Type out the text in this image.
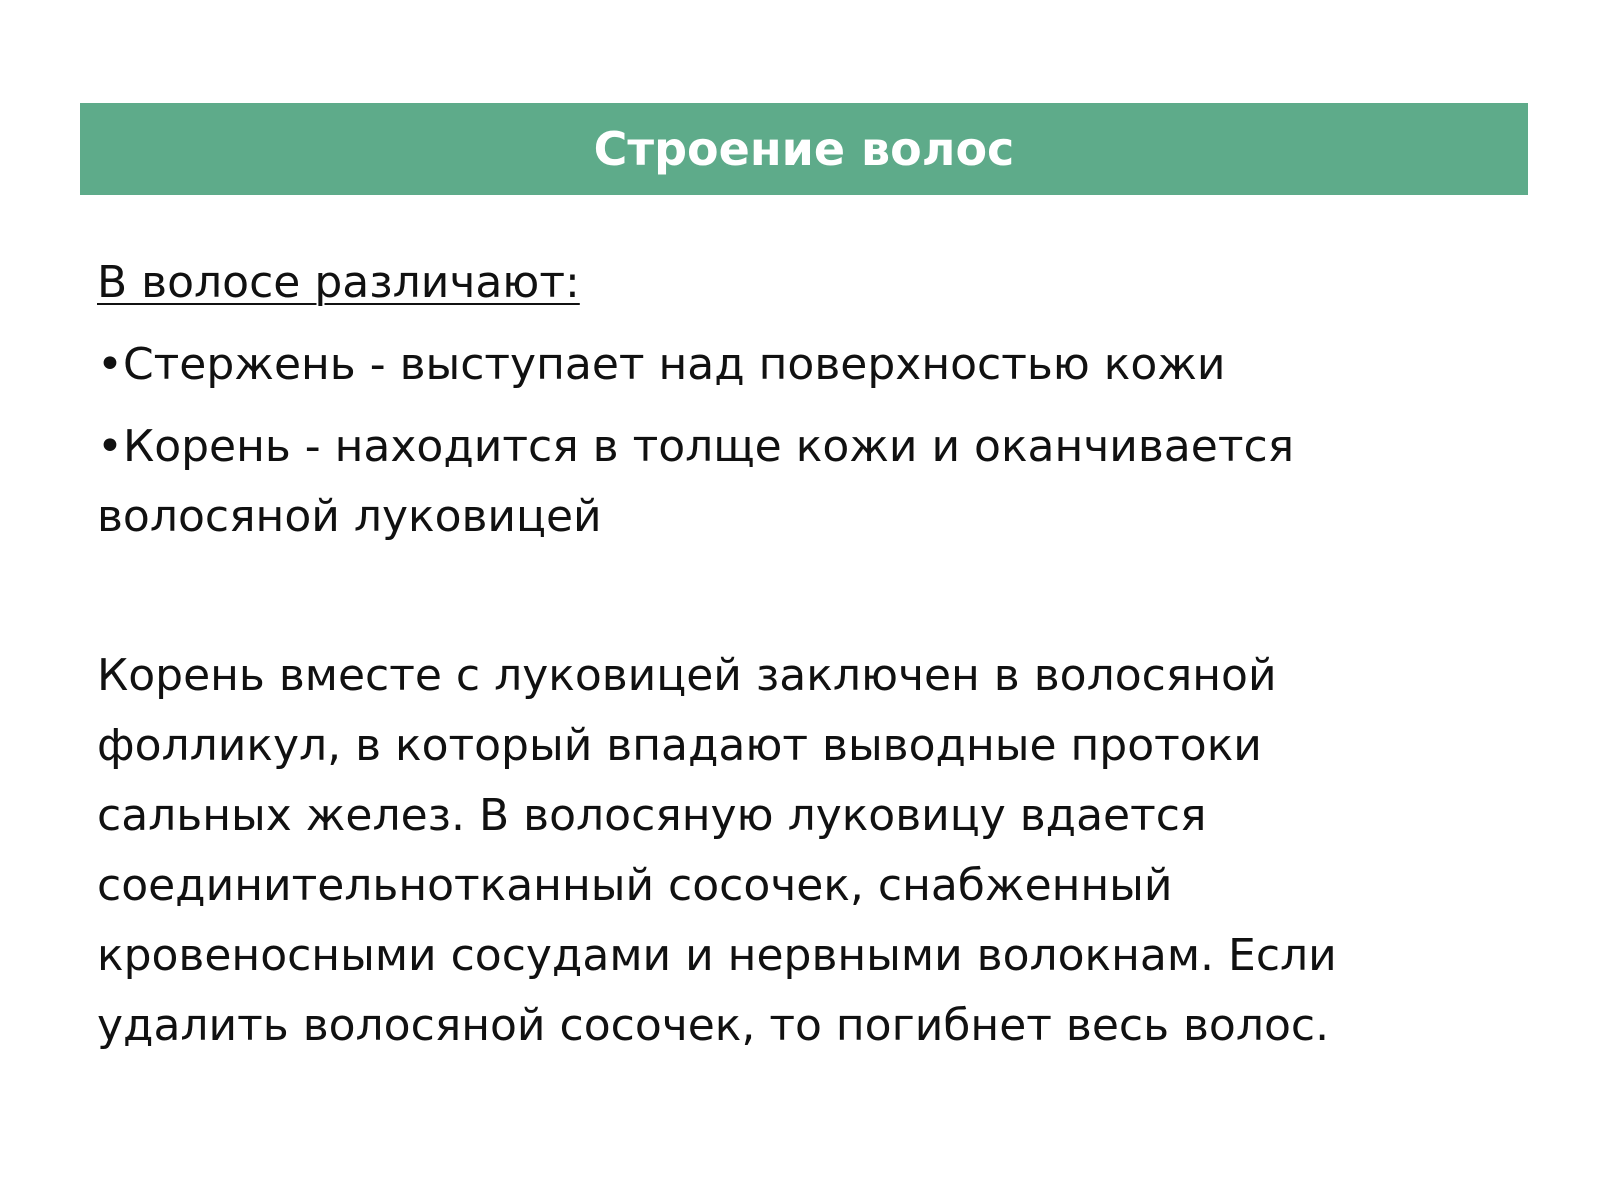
Строение волос

В волосе различают:

•Стержень - выступает над поверхностью кожи

•Корень - находится в толще кожи и оканчивается

волосяной луковицей

Корень вместе с луковицей заключен в волосяной

фолликул, в который впадают выводные протоки

сальных желез. В волосяную луковицу вдается

соединительнотканный сосочек, снабженный

кровеносными сосудами и нервными волокнам. Если

удалить волосяной сосочек, то погибнет весь волос.
